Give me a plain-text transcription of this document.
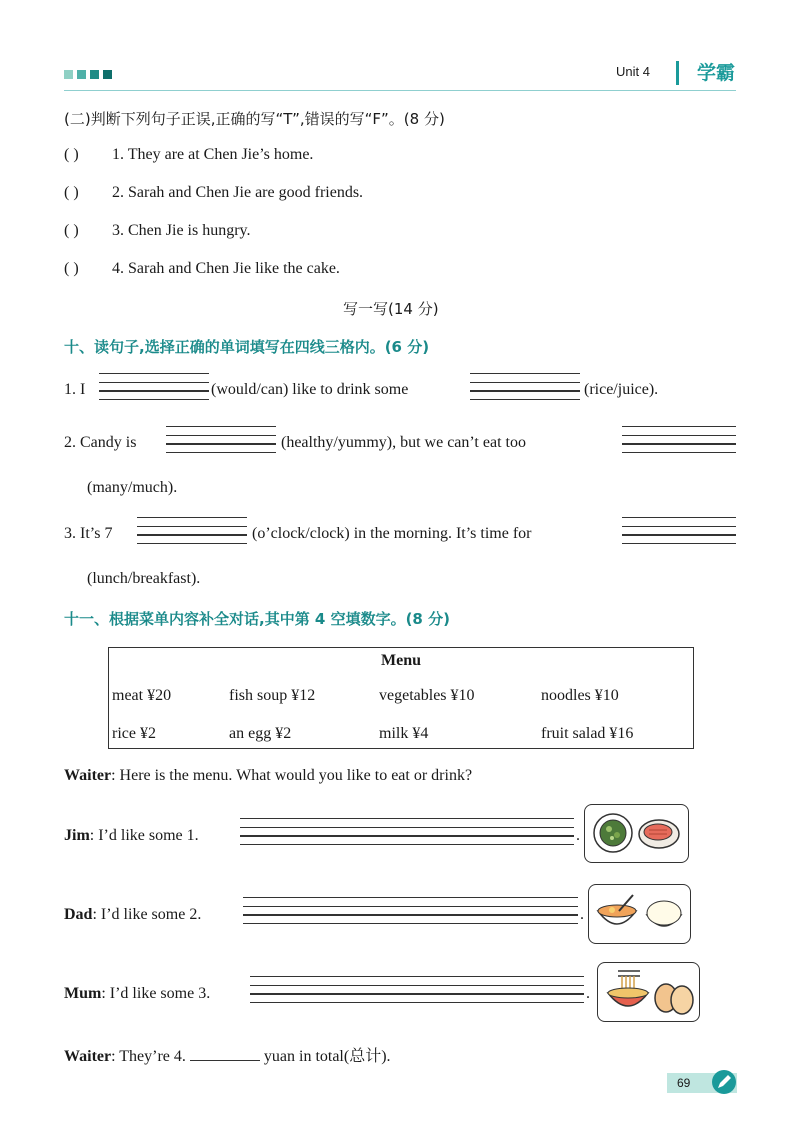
Unit 4 学霸
(二)判断下列句子正误,正确的写“T”,错误的写“F”。(8 分)
( ) 1. They are at Chen Jie’s home.
( ) 2. Sarah and Chen Jie are good friends.
( ) 3. Chen Jie is hungry.
( ) 4. Sarah and Chen Jie like the cake.
写一写(14 分)
十、读句子,选择正确的单词填写在四线三格内。(6 分)
1. I	(would/can) like to drink some	(rice/juice).
2. Candy is	(healthy/yummy), but we can’t eat too
(many/much).
3. It’s 7	(o’clock/clock) in the morning. It’s time for
(lunch/breakfast).
十一、根据菜单内容补全对话,其中第 4 空填数字。(8 分)
Menu
meat ¥20	fish soup ¥12	vegetables ¥10	noodles ¥10
rice ¥2	an egg ¥2	milk ¥4	fruit salad ¥16
Waiter: Here is the menu. What would you like to eat or drink?
Jim: I’d like some 1.	.
Dad: I’d like some 2.	.
Mum: I’d like some 3.	.
Waiter: They’re 4.	yuan in total(总计).
69
